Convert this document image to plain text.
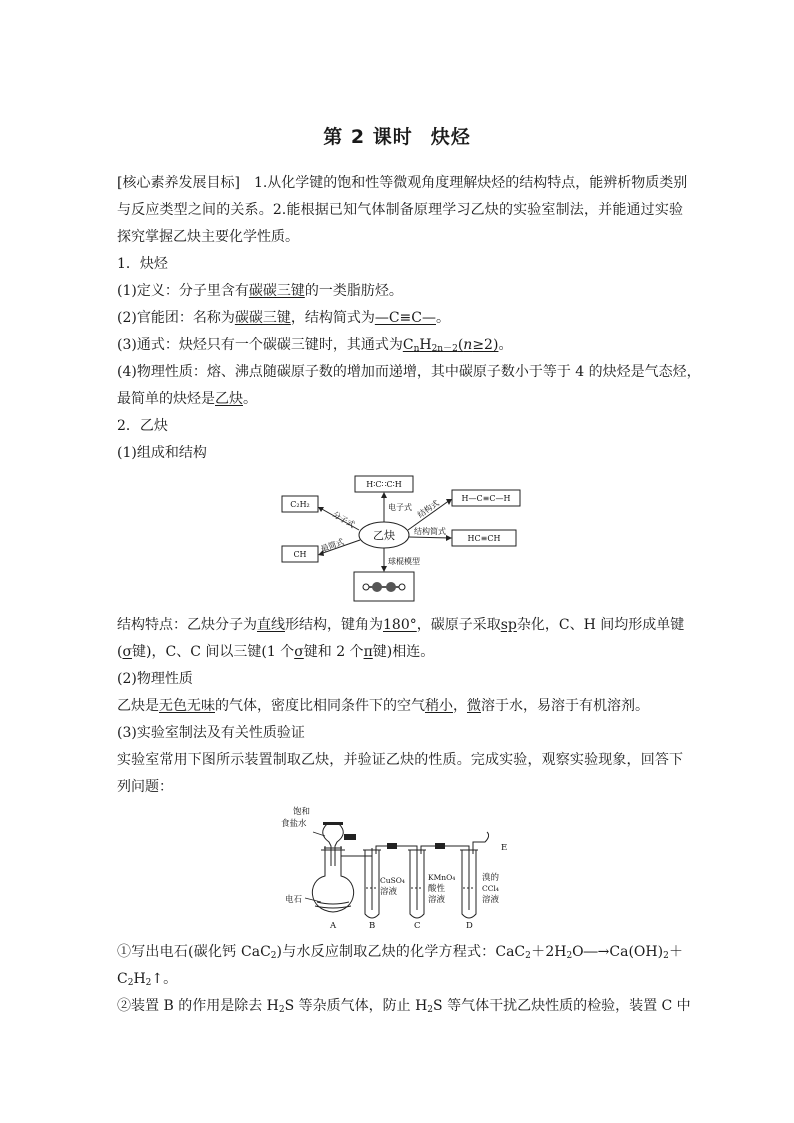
第 2 课时 炔烃
[核心素养发展目标]　 1.从化学键的饱和性等微观角度理解炔烃的结构特点，能辨析物质类别
与反应类型之间的关系。2.能根据已知气体制备原理学习乙炔的实验室制法，并能通过实验
探究掌握乙炔主要化学性质。
1．炔烃
(1)定义：分子里含有碳碳三键的一类脂肪烃。
(2)官能团：名称为碳碳三键，结构简式为—C≡C—。
(3)通式：炔烃只有一个碳碳三键时，其通式为$C_nH_{2n-2}(n\ge 2)$。
(4)物理性质：熔、沸点随碳原子数的增加而递增，其中碳原子数小于等于 4 的炔烃是气态烃，
最简单的炔烃是乙炔。
2．乙炔
(1)组成和结构
H∶C∷C∶H
电子式
C₂H₂
分子式
H—C≡C—H
结构式
CH
最简式	HC≡CH
结构简式
球棍模型
乙炔
结构特点：乙炔分子为直线形结构，键角为180°，碳原子采取sp杂化，C、H 间均形成单键
(σ键)，C、C 间以三键(1 个σ键和 2 个π键)相连。
(2)物理性质
乙炔是无色无味的气体，密度比相同条件下的空气稍小，微溶于水，易溶于有机溶剂。
(3)实验室制法及有关性质验证
实验室常用下图所示装置制取乙炔，并验证乙炔的性质。完成实验，观察实验现象，回答下
列问题：
饱和
食盐水
电石
CuSO₄
溶液
KMnO₄
酸性
溶液
溴的
CCl₄
溶液
E
A	B	C	D
①写出电石(碳化钙 CaC$_2$)与水反应制取乙炔的化学方程式：$CaC_2+2H_2O―\to Ca(OH)_2+$
$C_2H_2↑$。
②装置 B 的作用是除去 $H_2S$ 等杂质气体，防止 $H_2S$ 等气体干扰乙炔性质的检验，装置 C 中
